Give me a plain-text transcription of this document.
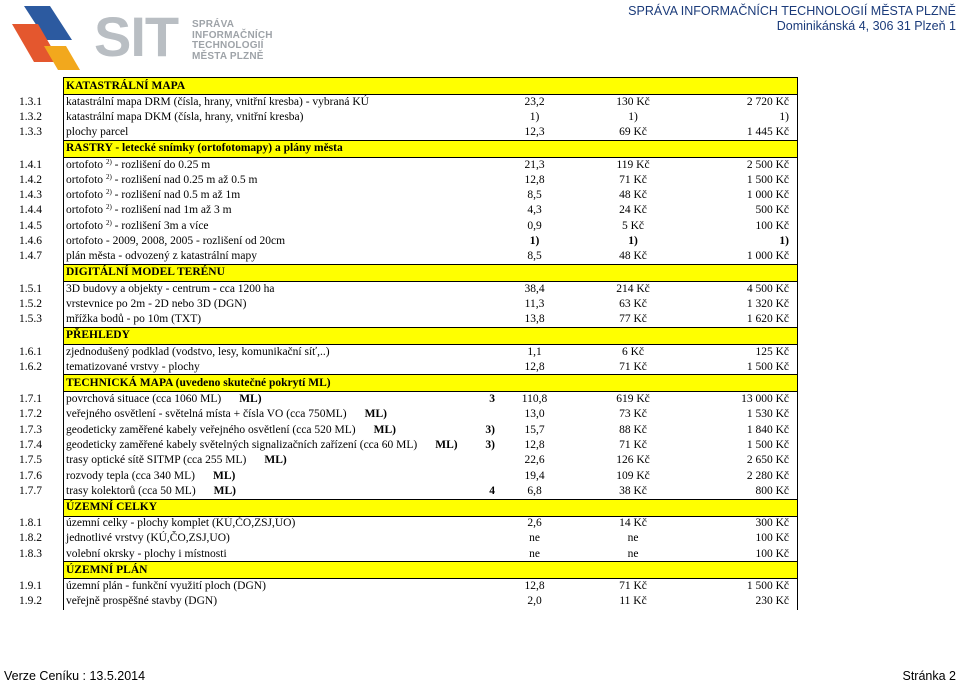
SIT SPRÁVA
INFORMAČNÍCH
TECHNOLOGIÍ
MĚSTA PLZNĚ
SPRÁVA INFORMAČNÍCH TECHNOLOGIÍ MĚSTA PLZNĚ
Dominikánská 4, 306 31 Plzeň 1
	KATASTRÁLNÍ MAPA			
1.3.1	katastrální mapa DRM (čísla, hrany, vnitřní kresba) - vybraná KÚ	23,2	130 Kč	2 720 Kč
1.3.2	katastrální mapa DKM (čísla, hrany, vnitřní kresba)	1)	1)	1)
1.3.3	plochy parcel	12,3	69 Kč	1 445 Kč
	RASTRY - letecké snímky (ortofotomapy) a plány města			
1.4.1	ortofoto $^{2)}$ - rozlišení do 0.25 m	21,3	119 Kč	2 500 Kč
1.4.2	ortofoto $^{2)}$ - rozlišení nad 0.25 m až 0.5 m	12,8	71 Kč	1 500 Kč
1.4.3	ortofoto $^{2)}$ - rozlišení nad 0.5 m až 1m	8,5	48 Kč	1 000 Kč
1.4.4	ortofoto $^{2)}$ - rozlišení nad 1m až 3 m	4,3	24 Kč	500 Kč
1.4.5	ortofoto $^{2)}$ - rozlišení 3m a více	0,9	5 Kč	100 Kč
1.4.6	ortofoto - 2009, 2008, 2005 - rozlišení od 20cm	1)	1)	1)
1.4.7	plán města - odvozený z katastrální mapy	8,5	48 Kč	1 000 Kč
	DIGITÁLNÍ MODEL TERÉNU			
1.5.1	3D budovy a objekty - centrum - cca 1200 ha	38,4	214 Kč	4 500 Kč
1.5.2	vrstevnice po 2m - 2D nebo 3D (DGN)	11,3	63 Kč	1 320 Kč
1.5.3	mřížka bodů - po 10m (TXT)	13,8	77 Kč	1 620 Kč
	PŘEHLEDY			
1.6.1	zjednodušený podklad (vodstvo, lesy, komunikační síť,..)	1,1	6 Kč	125 Kč
1.6.2	tematizované vrstvy - plochy	12,8	71 Kč	1 500 Kč
	TECHNICKÁ MAPA (uvedeno skutečné pokrytí ML)			
1.7.1	povrchová situace (cca 1060 ML) ML) 3	110,8	619 Kč	13 000 Kč
1.7.2	veřejného osvětlení - světelná místa + čísla VO (cca 750ML) ML)	13,0	73 Kč	1 530 Kč
1.7.3	geodeticky zaměřené kabely veřejného osvětlení (cca 520 ML) ML) 3)	15,7	88 Kč	1 840 Kč
1.7.4	geodeticky zaměřené kabely světelných signalizačních zařízení (cca 60 ML) ML) 3)	12,8	71 Kč	1 500 Kč
1.7.5	trasy optické sítě SITMP (cca 255 ML) ML)	22,6	126 Kč	2 650 Kč
1.7.6	rozvody tepla (cca 340 ML) ML)	19,4	109 Kč	2 280 Kč
1.7.7	trasy kolektorů (cca 50 ML) ML) 4	6,8	38 Kč	800 Kč
	ÚZEMNÍ CELKY			
1.8.1	územní celky - plochy komplet (KÚ,ČO,ZSJ,UO)	2,6	14 Kč	300 Kč
1.8.2	jednotlivé vrstvy (KÚ,ČO,ZSJ,UO)	ne	ne	100 Kč
1.8.3	volební okrsky - plochy i místnosti	ne	ne	100 Kč
	ÚZEMNÍ PLÁN			
1.9.1	územní plán - funkční využití ploch (DGN)	12,8	71 Kč	1 500 Kč
1.9.2	veřejně prospěšné stavby (DGN)	2,0	11 Kč	230 Kč
Verze Ceníku : 13.5.2014	Stránka 2
